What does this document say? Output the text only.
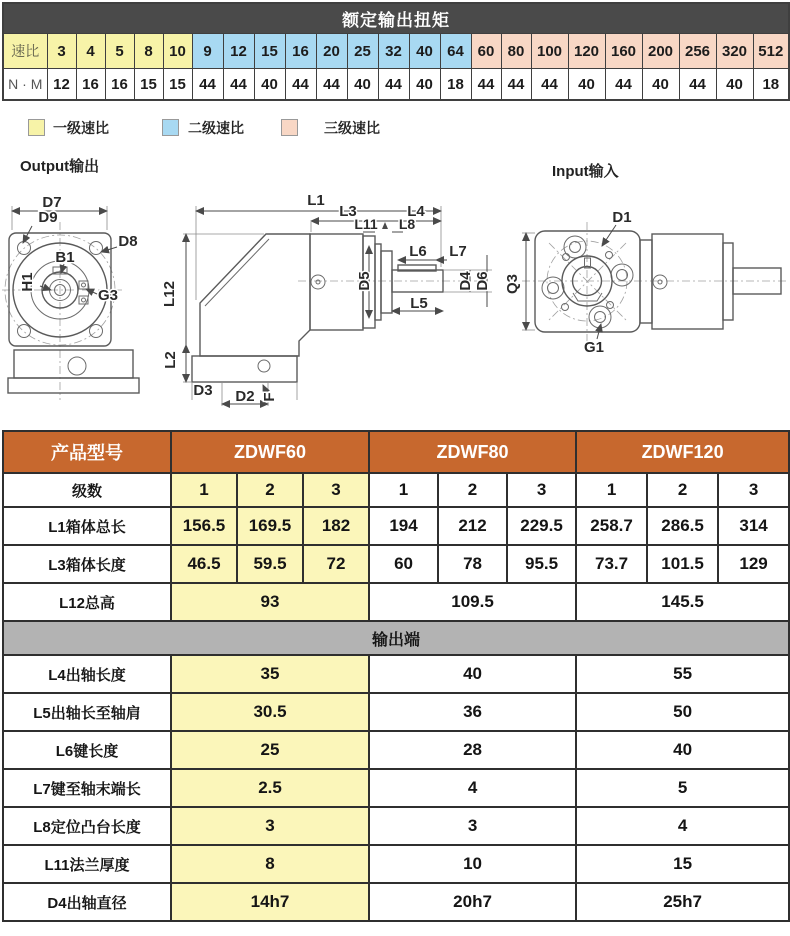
额定输出扭矩																							
速比	3	4	5	8	10	9	12	15	16	20	25	32	40	64	60	80	100	120	160	200	256	320	512
N · M	12	16	16	15	15	44	44	40	44	44	40	44	40	18	44	44	44	40	44	40	44	40	18
一级速比	二级速比	三级速比
Output输出	Input输入
D7
D9
D8
B1
H1
G3
L1
L3	L4
L11 L8
L6 L7
L5
D5	D4 D6
L12
L2
D3 D2 F
Q3
D1
G1
产品型号	ZDWF60			ZDWF80			ZDWF120		
级数	1	2	3	1	2	3	1	2	3
L1箱体总长	156.5	169.5	182	194	212	229.5	258.7	286.5	314
L3箱体长度	46.5	59.5	72	60	78	95.5	73.7	101.5	129
L12总高	93			109.5			145.5		
输出端									
L4出轴长度	35			40			55		
L5出轴长至轴肩	30.5			36			50		
L6键长度	25			28			40		
L7键至轴末端长	2.5			4			5		
L8定位凸台长度	3			3			4		
L11法兰厚度	8			10			15		
D4出轴直径	14h7			20h7			25h7		
